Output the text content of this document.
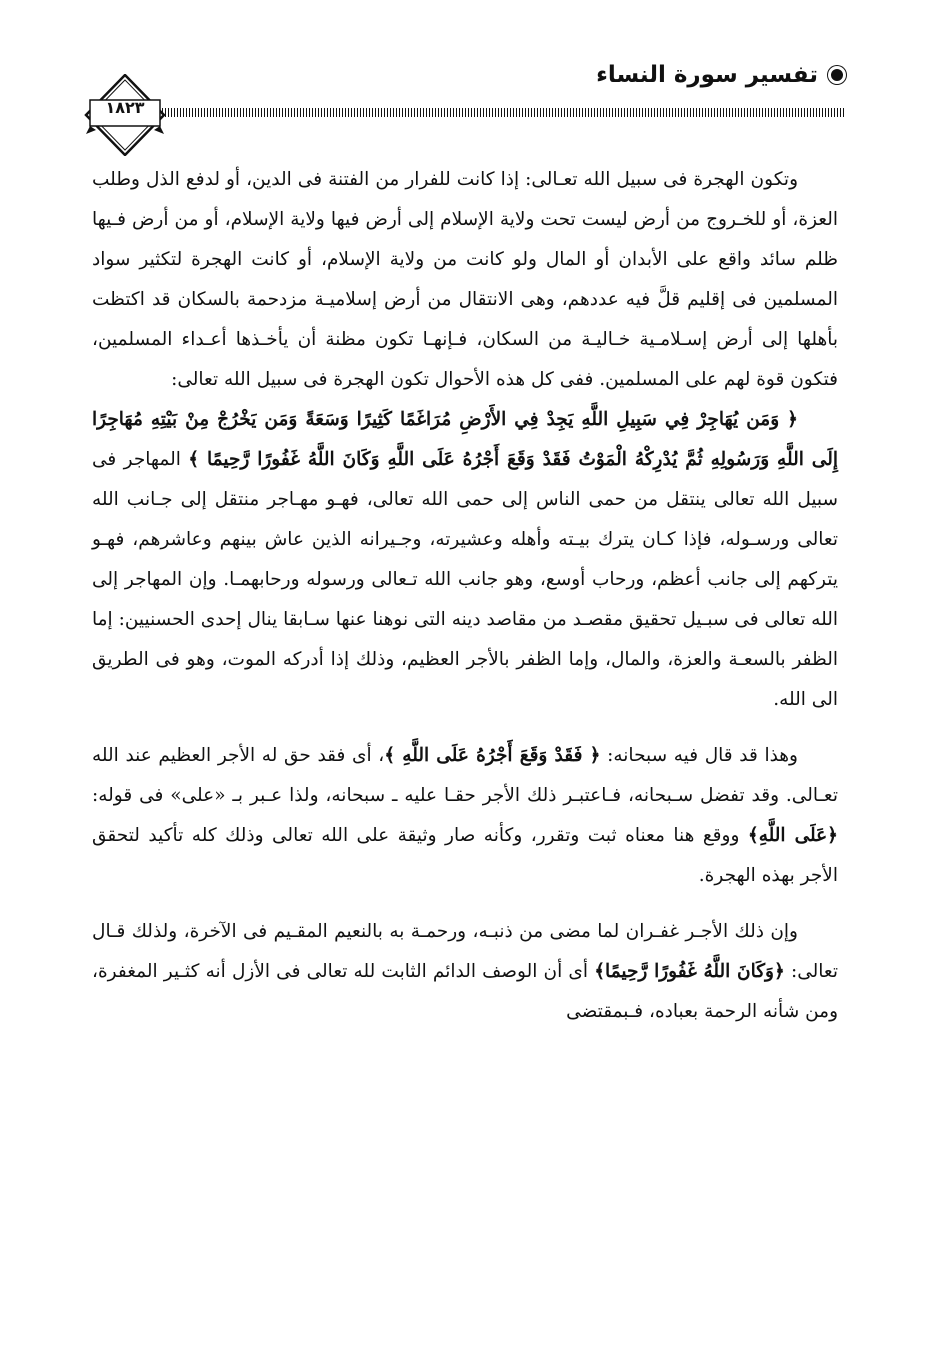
تفسير سورة النساء
١٨٢٣

وتكون الهجرة فى سبيل الله تعـالى: إذا كانت للفرار من الفتنة فى الدين، أو لدفع الذل وطلب العزة، أو للخـروج من أرض ليست تحت ولاية الإسلام إلى أرض فيها ولاية الإسلام، أو من أرض فـيها ظلم سائد واقع على الأبدان أو المال ولو كانت من ولاية الإسلام، أو كانت الهجرة لتكثير سواد المسلمين فى إقليم قلَّ فيه عددهم، وهى الانتقال من أرض إسلاميـة مزدحمة بالسكان قد اكتظت بأهلها إلى أرض إسـلامـية خـاليـة من السكان، فـإنهـا تكون مظنة أن يأخـذها أعـداء المسلمين، فتكون قوة لهم على المسلمين. ففى كل هذه الأحوال تكون الهجرة فى سبيل الله تعالى:

﴿ وَمَن يُهَاجِرْ فِي سَبِيلِ اللَّهِ يَجِدْ فِي الأَرْضِ مُرَاغَمًا كَثِيرًا وَسَعَةً وَمَن يَخْرُجْ مِنْ بَيْتِهِ مُهَاجِرًا إِلَى اللَّهِ وَرَسُولِهِ ثُمَّ يُدْرِكْهُ الْمَوْتُ فَقَدْ وَقَعَ أَجْرُهُ عَلَى اللَّهِ وَكَانَ اللَّهُ غَفُورًا رَّحِيمًا ﴾ المهاجر فى سبيل الله تعالى ينتقل من حمى الناس إلى حمى الله تعالى، فهـو مهـاجر منتقل إلى جـانب الله تعالى ورسـوله، فإذا كـان يترك بيـته وأهله وعشيرته، وجـيرانه الذين عاش بينهم وعاشرهم، فهـو يتركهم إلى جانب أعظم، ورحاب أوسع، وهو جانب الله تـعالى ورسوله ورحابهمـا. وإن المهاجر إلى الله تعالى فى سبـيل تحقيق مقصـد من مقاصد دينه التى نوهنا عنها سـابقا ينال إحدى الحسنيين: إما الظفر بالسعـة والعزة، والمال، وإما الظفر بالأجر العظيم، وذلك إذا أدركه الموت، وهو فى الطريق الى الله.

وهذا قد قال فيه سبحانه: ﴿ فَقَدْ وَقَعَ أَجْرُهُ عَلَى اللَّهِ ﴾، أى فقد حق له الأجر العظيم عند الله تعـالى. وقد تفضل سـبحانه، فـاعتبـر ذلك الأجر حقـا عليه ـ سبحانه، ولذا عـبر بـ «على» فى قوله: ﴿عَلَى اللَّهِ﴾ ووقع هنا معناه ثبت وتقرر، وكأنه صار وثيقة على الله تعالى وذلك كله تأكيد لتحقق الأجر بهذه الهجرة.

وإن ذلك الأجـر غفـران لما مضى من ذنبـه، ورحمـة به بالنعيم المقـيم فى الآخرة، ولذلك قـال تعالى: ﴿وَكَانَ اللَّهُ غَفُورًا رَّحِيمًا﴾ أى أن الوصف الدائم الثابت لله تعالى فى الأزل أنه كثـير المغفرة، ومن شأنه الرحمة بعباده، فـبمقتضى
